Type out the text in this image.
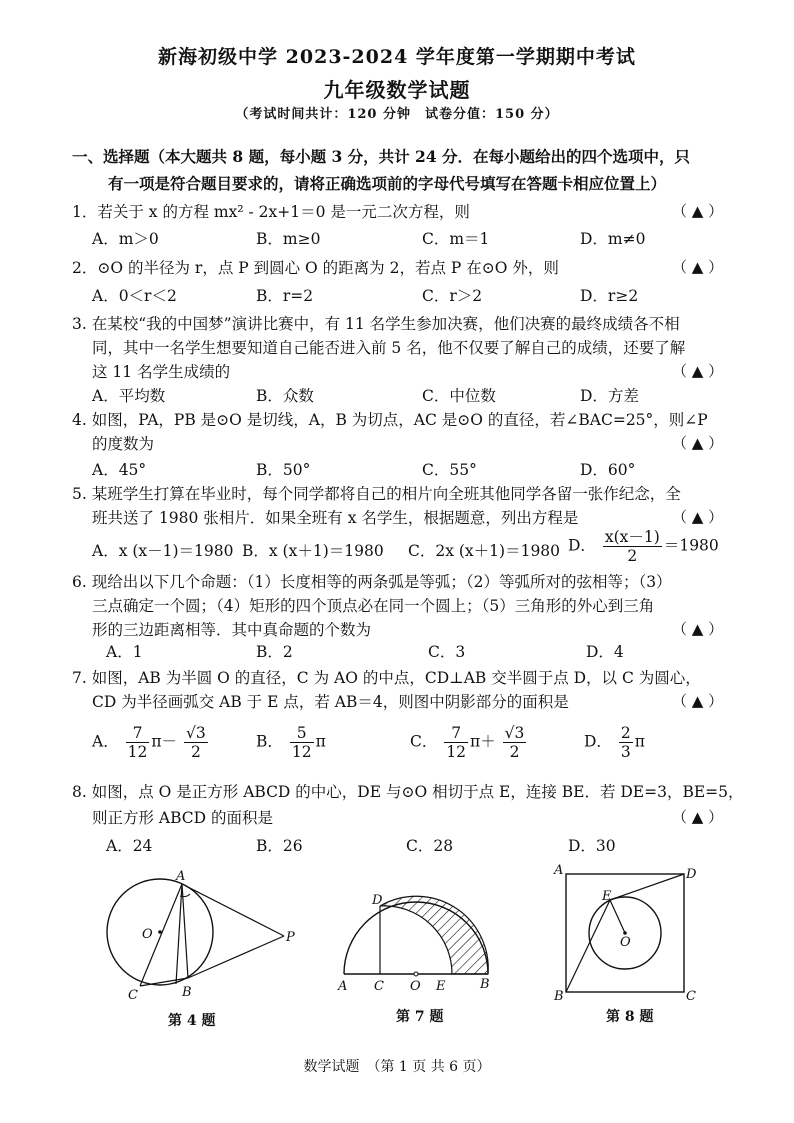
新海初级中学 2023-2024 学年度第一学期期中考试
九年级数学试题
（考试时间共计：120 分钟　试卷分值：150 分）
一、选择题（本大题共 8 题，每小题 3 分，共计 24 分．在每小题给出的四个选项中，只
有一项是符合题目要求的，请将正确选项前的字母代号填写在答题卡相应位置上）
1．若关于 x 的方程 mx² - 2x+1＝0 是一元二次方程，则	（ ▲ ）
A．m＞0	B．m≥0	C．m＝1	D．m≠0
2．⊙O 的半径为 r，点 P 到圆心 O 的距离为 2，若点 P 在⊙O 外，则	（ ▲ ）
A．0＜r＜2	B．r=2	C．r＞2	D．r≥2
3. 在某校“我的中国梦”演讲比赛中，有 11 名学生参加决赛，他们决赛的最终成绩各不相
同，其中一名学生想要知道自己能否进入前 5 名，他不仅要了解自己的成绩，还要了解
这 11 名学生成绩的	（ ▲ ）
A．平均数	B．众数	C．中位数	D．方差
4. 如图，PA，PB 是⊙O 是切线，A，B 为切点，AC 是⊙O 的直径，若∠BAC=25°，则∠P
的度数为	（ ▲ ）
A．45°	B．50°	C．55°	D．60°
5. 某班学生打算在毕业时，每个同学都将自己的相片向全班其他同学各留一张作纪念，全
班共送了 1980 张相片．如果全班有 x 名学生，根据题意，列出方程是	（ ▲ ）
A．x (x－1)＝1980 B．x (x＋1)＝1980 C．2x (x＋1)＝1980 D． $\frac{x(x-1)}{2} =1980$
6. 现给出以下几个命题：（1）长度相等的两条弧是等弧；（2）等弧所对的弦相等；（3）
三点确定一个圆；（4）矩形的四个顶点必在同一个圆上；（5）三角形的外心到三角
形的三边距离相等．其中真命题的个数为	（ ▲ ）
A．1	B．2	C．3	D．4
7. 如图，AB 为半圆 O 的直径，C 为 AO 的中点，CD⊥AB 交半圆于点 D，以 C 为圆心，
CD 为半径画弧交 AB 于 E 点，若 AB＝4，则图中阴影部分的面积是	（ ▲ ）
A． $\frac{7}{12} \pi- \frac{√3}{2}$	B． $\frac{5}{12}$ π	C． $\frac{7}{12} \pi+ \frac{√3}{2}$	D． $\frac{2}{3}$ π
8. 如图，点 O 是正方形 ABCD 的中心，DE 与⊙O 相切于点 E，连接 BE．若 DE=3，BE=5，
则正方形 ABCD 的面积是	（ ▲ ）
A．24	B．26	C．28	D．30
A
B
C
O	P
第 4 题
D
A C O E	B
第 7 题
A	D
E
O
B	C
第 8 题
数学试题　（第 1 页 共 6 页）
